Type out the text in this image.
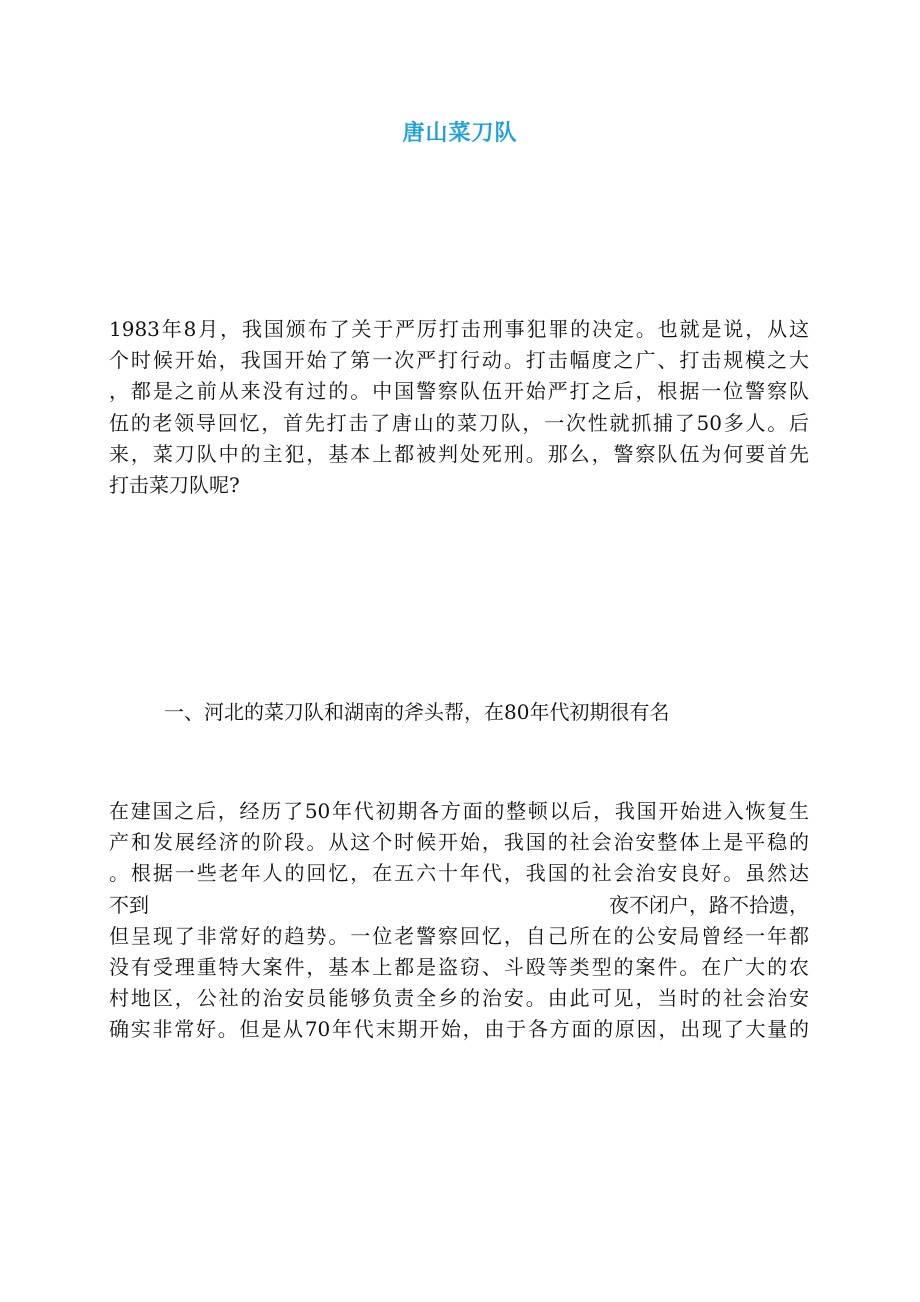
唐山菜刀队
1983年8月，我国颁布了关于严厉打击刑事犯罪的决定。也就是说，从这
个时候开始，我国开始了第一次严打行动。打击幅度之广、打击规模之大
，都是之前从来没有过的。中国警察队伍开始严打之后，根据一位警察队
伍的老领导回忆，首先打击了唐山的菜刀队，一次性就抓捕了50多人。后
来，菜刀队中的主犯，基本上都被判处死刑。那么，警察队伍为何要首先
打击菜刀队呢?
一、河北的菜刀队和湖南的斧头帮，在80年代初期很有名
在建国之后，经历了50年代初期各方面的整顿以后，我国开始进入恢复生
产和发展经济的阶段。从这个时候开始，我国的社会治安整体上是平稳的
。根据一些老年人的回忆，在五六十年代，我国的社会治安良好。虽然达
不到	夜不闭户，路不拾遗，
但呈现了非常好的趋势。一位老警察回忆，自己所在的公安局曾经一年都
没有受理重特大案件，基本上都是盗窃、斗殴等类型的案件。在广大的农
村地区，公社的治安员能够负责全乡的治安。由此可见，当时的社会治安
确实非常好。但是从70年代末期开始，由于各方面的原因，出现了大量的
